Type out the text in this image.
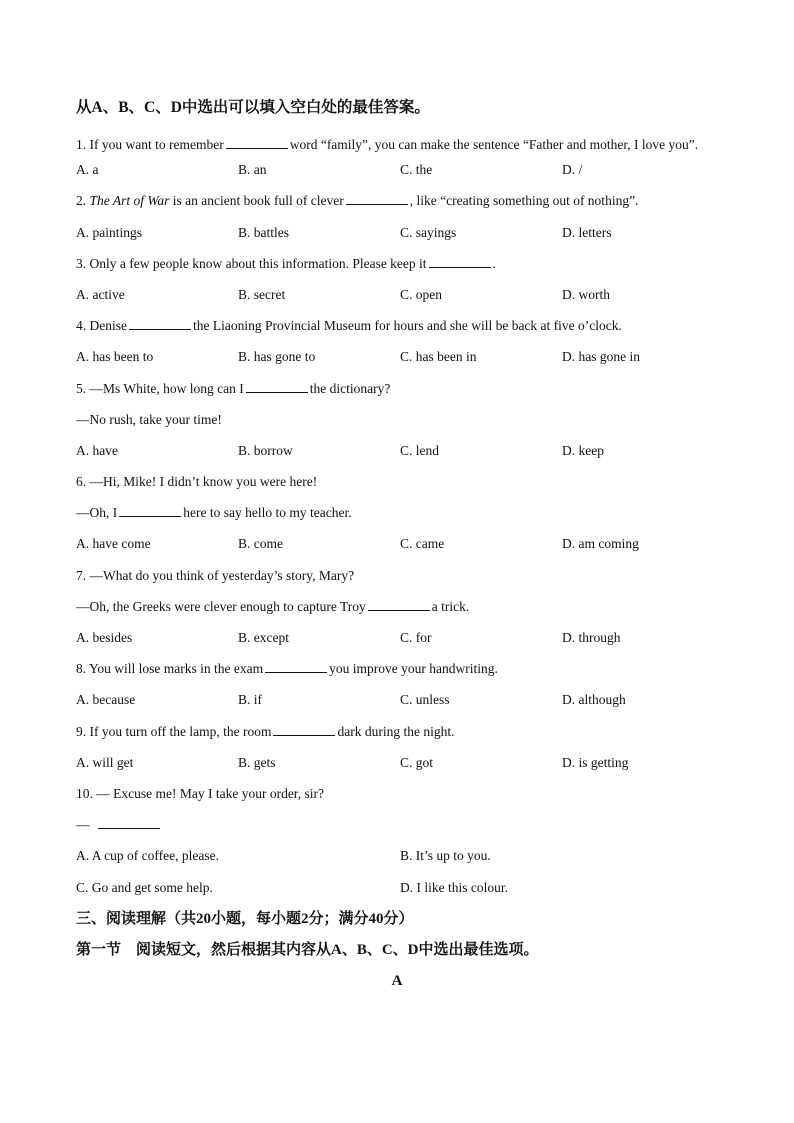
从A、B、C、D中选出可以填入空白处的最佳答案。
1. If you want to remember	word “family”, you can make the sentence “Father and mother, I love you”.
A. a	B. an	C. the	D. /
2. The Art of War is an ancient book full of clever	, like “creating something out of nothing”.
A. paintings	B. battles	C. sayings	D. letters
3. Only a few people know about this information. Please keep it	.
A. active	B. secret	C. open	D. worth
4. Denise	the Liaoning Provincial Museum for hours and she will be back at five o’clock.
A. has been to	B. has gone to	C. has been in	D. has gone in
5. —Ms White, how long can I	the dictionary?
—No rush, take your time!
A. have	B. borrow	C. lend	D. keep
6. —Hi, Mike! I didn’t know you were here!
—Oh, I	here to say hello to my teacher.
A. have come	B. come	C. came	D. am coming
7. —What do you think of yesterday’s story, Mary?
—Oh, the Greeks were clever enough to capture Troy	a trick.
A. besides	B. except	C. for	D. through
8. You will lose marks in the exam	you improve your handwriting.
A. because	B. if	C. unless	D. although
9. If you turn off the lamp, the room	dark during the night.
A. will get	B. gets	C. got	D. is getting
10. — Excuse me! May I take your order, sir?
—
A. A cup of coffee, please.	B. It’s up to you.
C. Go and get some help.	D. I like this colour.
三、阅读理解（共20小题，每小题2分；满分40分）
第一节　阅读短文，然后根据其内容从A、B、C、D中选出最佳选项。
A
